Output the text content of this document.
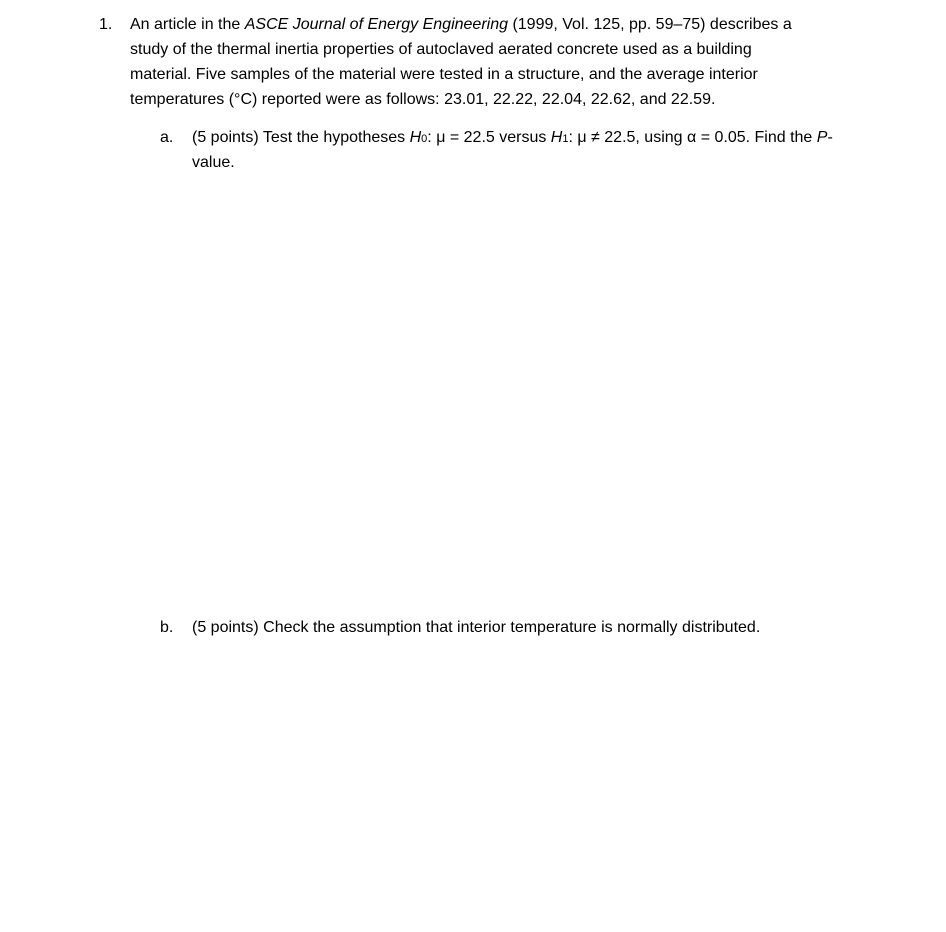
1. An article in the ASCE Journal of Energy Engineering (1999, Vol. 125, pp. 59–75) describes a
study of the thermal inertia properties of autoclaved aerated concrete used as a building
material. Five samples of the material were tested in a structure, and the average interior
temperatures (°C) reported were as follows: 23.01, 22.22, 22.04, 22.62, and 22.59.
a. (5 points) Test the hypotheses H0: μ = 22.5 versus H1: μ ≠ 22.5, using α = 0.05. Find the P-
value.
b. (5 points) Check the assumption that interior temperature is normally distributed.
